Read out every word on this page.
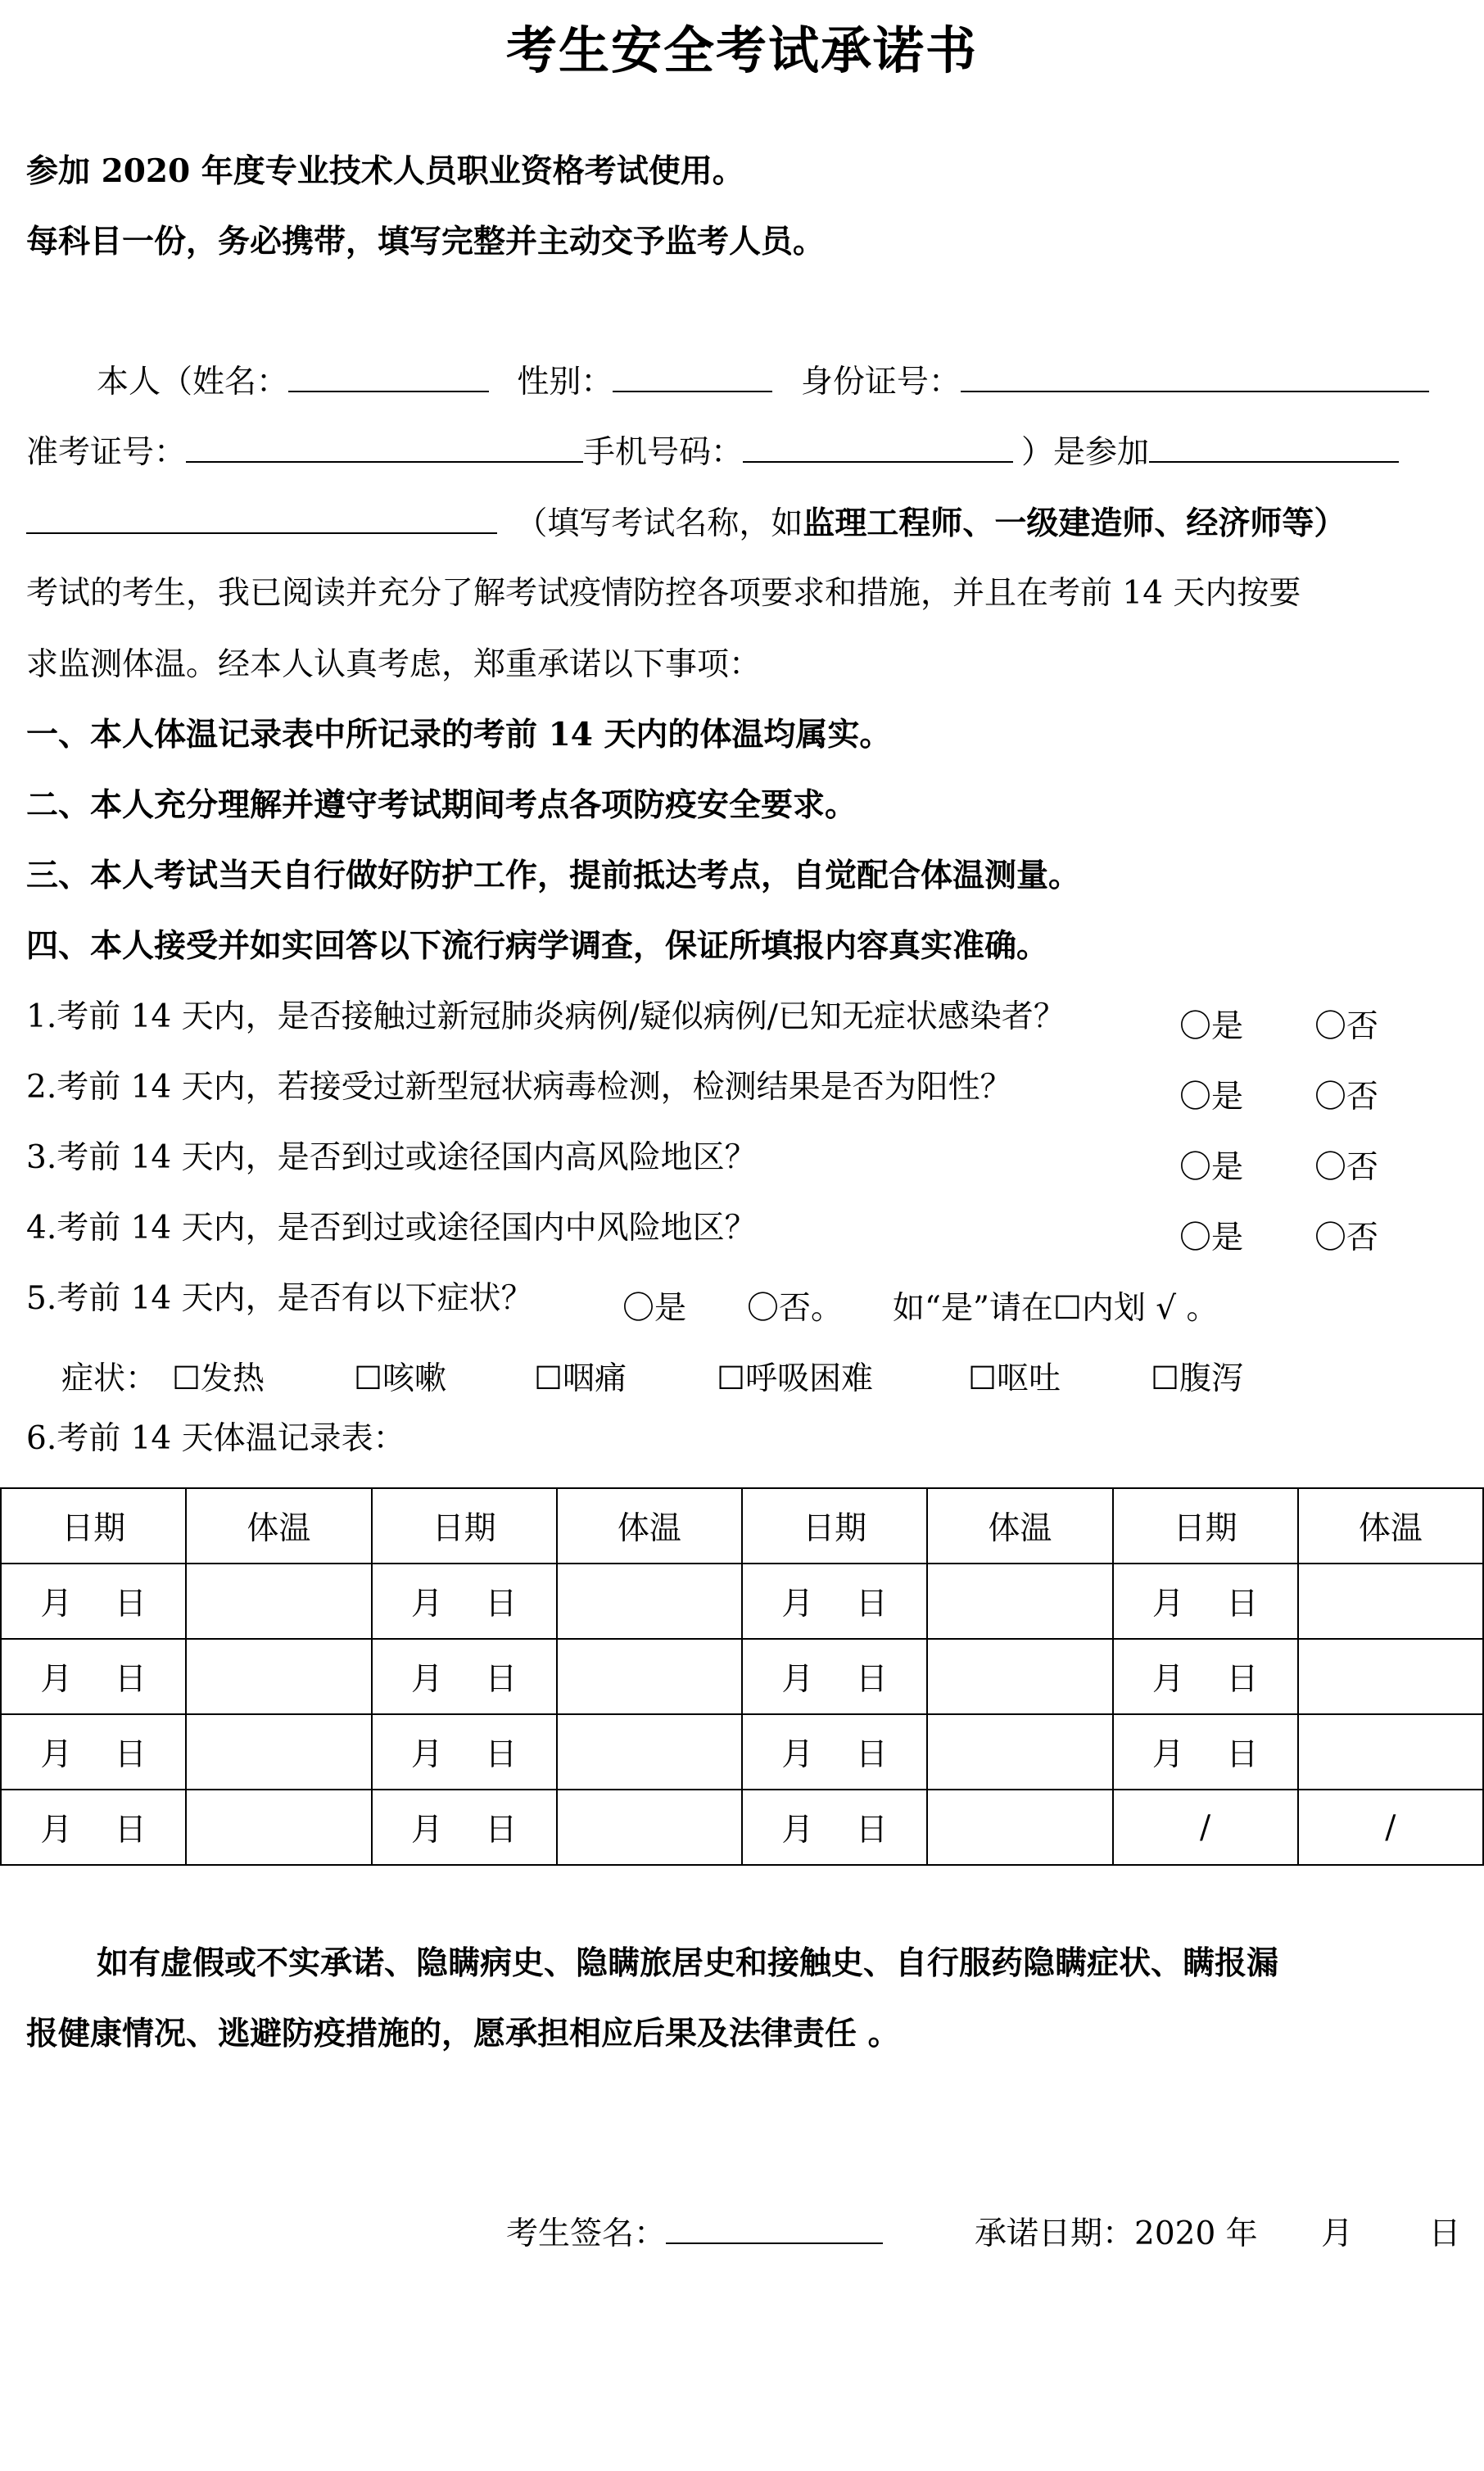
考生安全考试承诺书
参加 2020 年度专业技术人员职业资格考试使用。
每科目一份，务必携带，填写完整并主动交予监考人员。
本人（姓名：	性别：	身份证号：
准考证号：	手机号码：	）是参加
（填写考试名称，如监理工程师、一级建造师、经济师等）
考试的考生，我已阅读并充分了解考试疫情防控各项要求和措施，并且在考前 14 天内按要
求监测体温。经本人认真考虑，郑重承诺以下事项：
一、本人体温记录表中所记录的考前 14 天内的体温均属实。
二、本人充分理解并遵守考试期间考点各项防疫安全要求。
三、本人考试当天自行做好防护工作，提前抵达考点，自觉配合体温测量。
四、本人接受并如实回答以下流行病学调查，保证所填报内容真实准确。
1.考前 14 天内，是否接触过新冠肺炎病例/疑似病例/已知无症状感染者？	〇是 〇否
2.考前 14 天内，若接受过新型冠状病毒检测，检测结果是否为阳性？	〇是 〇否
3.考前 14 天内，是否到过或途径国内高风险地区？	〇是 〇否
4.考前 14 天内，是否到过或途径国内中风险地区？	〇是 〇否
5.考前 14 天内，是否有以下症状？	〇是 〇否。 如“是”请在☐内划 √ 。
症状： ☐发热	☐咳嗽	☐咽痛	☐呼吸困难	☐呕吐	☐腹泻
6.考前 14 天体温记录表：
日期	体温	日期	体温	日期	体温	日期	体温
月　 日		月　 日		月　 日		月　 日	
月　 日		月　 日		月　 日		月　 日	
月　 日		月　 日		月　 日		月　 日	
月　 日		月　 日		月　 日		/	/
如有虚假或不实承诺、隐瞒病史、隐瞒旅居史和接触史、自行服药隐瞒症状、瞒报漏
报健康情况、逃避防疫措施的，愿承担相应后果及法律责任 。
考生签名：	承诺日期：2020 年 月 日
